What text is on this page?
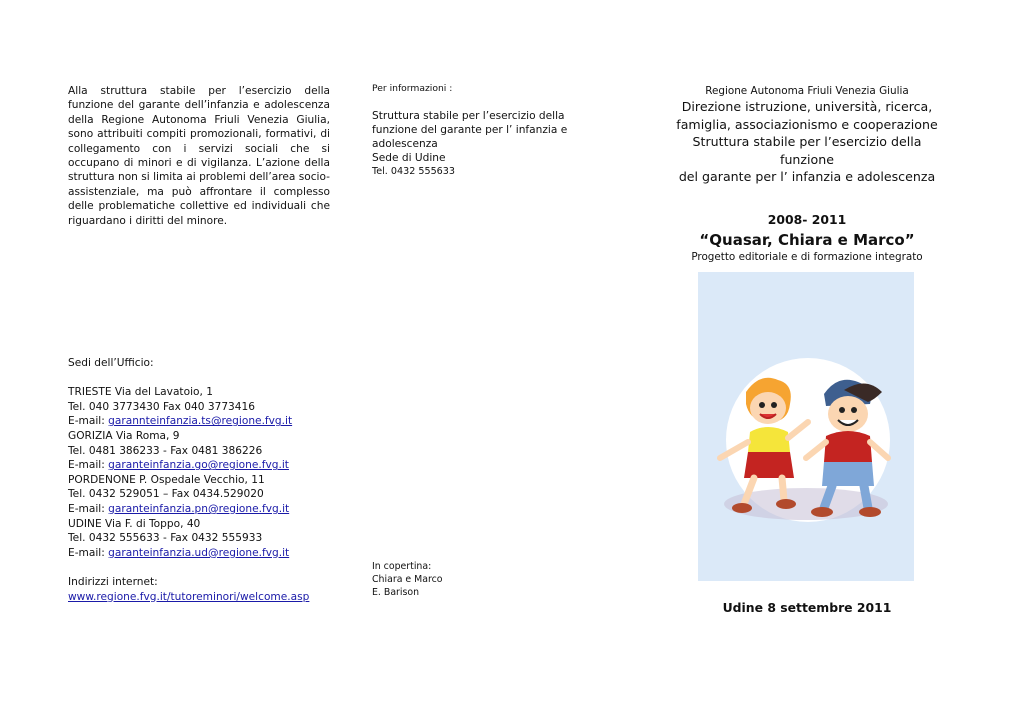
Alla struttura stabile per l’esercizio della funzione del garante dell’infanzia e adolescenza della Regione Autonoma Friuli Venezia Giulia, sono attribuiti compiti promozionali, formativi, di collegamento con i servizi sociali che si occupano di minori e di vigilanza. L’azione della struttura non si limita ai problemi dell’area socio-assistenziale, ma può affrontare il complesso delle problematiche collettive ed individuali che riguardano i diritti del minore.

Sedi dell’Ufficio:

TRIESTE Via del Lavatoio, 1

Tel. 040 3773430 Fax 040 3773416

E-mail: garannteinfanzia.ts@regione.fvg.it

GORIZIA Via Roma, 9

Tel. 0481 386233 - Fax 0481 386226

E-mail: garanteinfanzia.go@regione.fvg.it

PORDENONE P. Ospedale Vecchio, 11

Tel. 0432 529051 – Fax 0434.529020

E-mail: garanteinfanzia.pn@regione.fvg.it

UDINE Via F. di Toppo, 40

Tel. 0432 555633 - Fax 0432 555933

E-mail: garanteinfanzia.ud@regione.fvg.it

Indirizzi internet:

www.regione.fvg.it/tutoreminori/welcome.asp

Per informazioni :

Struttura stabile per l’esercizio della funzione del garante per l’ infanzia e adolescenza

Sede di Udine

Tel. 0432 555633

In copertina:

Chiara e Marco

E. Barison

Regione Autonoma Friuli Venezia Giulia

Direzione istruzione, università, ricerca,

famiglia, associazionismo e cooperazione

Struttura stabile per l’esercizio della funzione

del garante per l’ infanzia e adolescenza

2008- 2011

“Quasar, Chiara e Marco”

Progetto editoriale e di formazione integrato

Udine 8 settembre 2011
